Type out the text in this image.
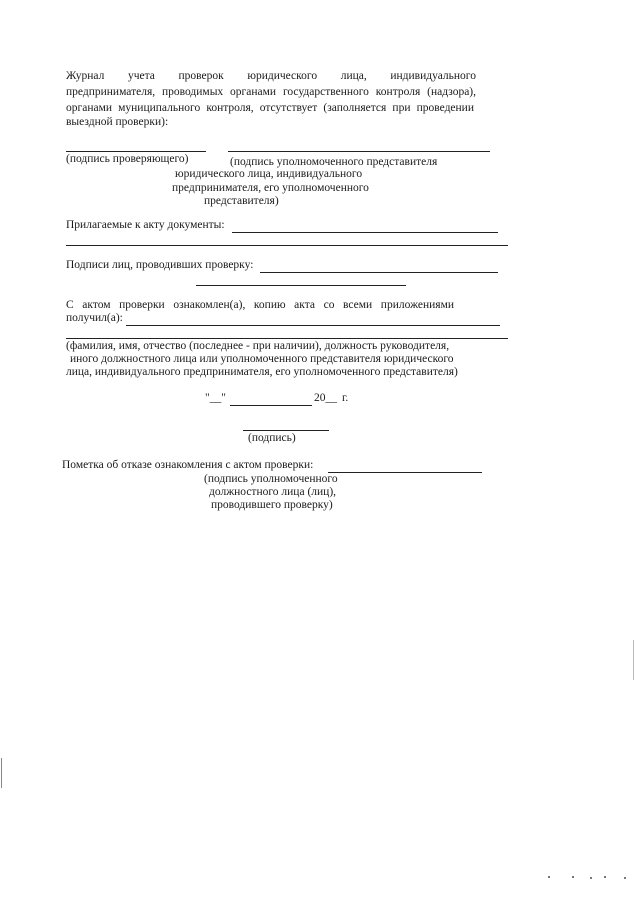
Журнал учета проверок юридического лица, индивидуального
предпринимателя, проводимых органами государственного контроля (надзора),
органами муниципального контроля, отсутствует (заполняется при проведении
выездной проверки):
(подпись проверяющего)	(подпись уполномоченного представителя
юридического лица, индивидуального
предпринимателя, его уполномоченного
представителя)
Прилагаемые к акту документы:
Подписи лиц, проводивших проверку:
С актом проверки ознакомлен(а), копию акта со всеми приложениями
получил(а):
(фамилия, имя, отчество (последнее - при наличии), должность руководителя,
иного должностного лица или уполномоченного представителя юридического
лица, индивидуального предпринимателя, его уполномоченного представителя)
"__"	20__ г.
(подпись)
Пометка об отказе ознакомления с актом проверки:
(подпись уполномоченного
должностного лица (лиц),
проводившего проверку)
